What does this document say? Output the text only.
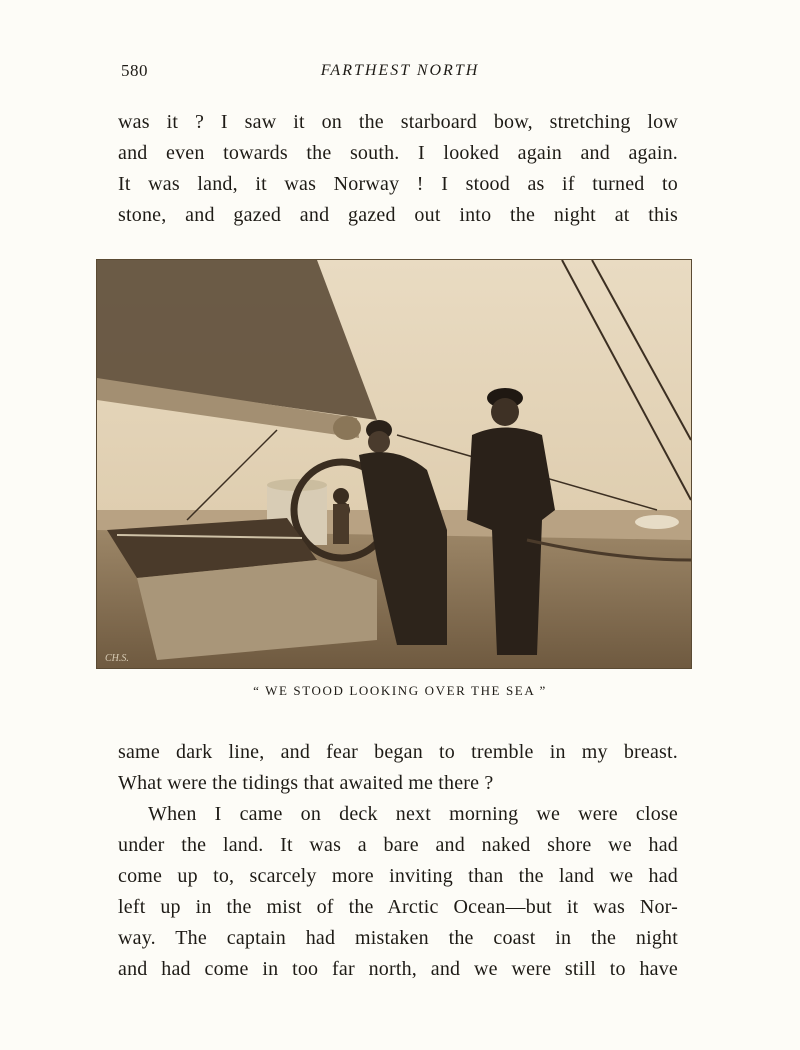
580	FARTHEST NORTH
was it ? I saw it on the starboard bow, stretching low
and even towards the south. I looked again and again.
It was land, it was Norway ! I stood as if turned to
stone, and gazed and gazed out into the night at this
CH.S.
“ WE STOOD LOOKING OVER THE SEA ”
same dark line, and fear began to tremble in my breast.
What were the tidings that awaited me there ?
When I came on deck next morning we were close
under the land. It was a bare and naked shore we had
come up to, scarcely more inviting than the land we had
left up in the mist of the Arctic Ocean—but it was Nor-
way. The captain had mistaken the coast in the night
and had come in too far north, and we were still to have
